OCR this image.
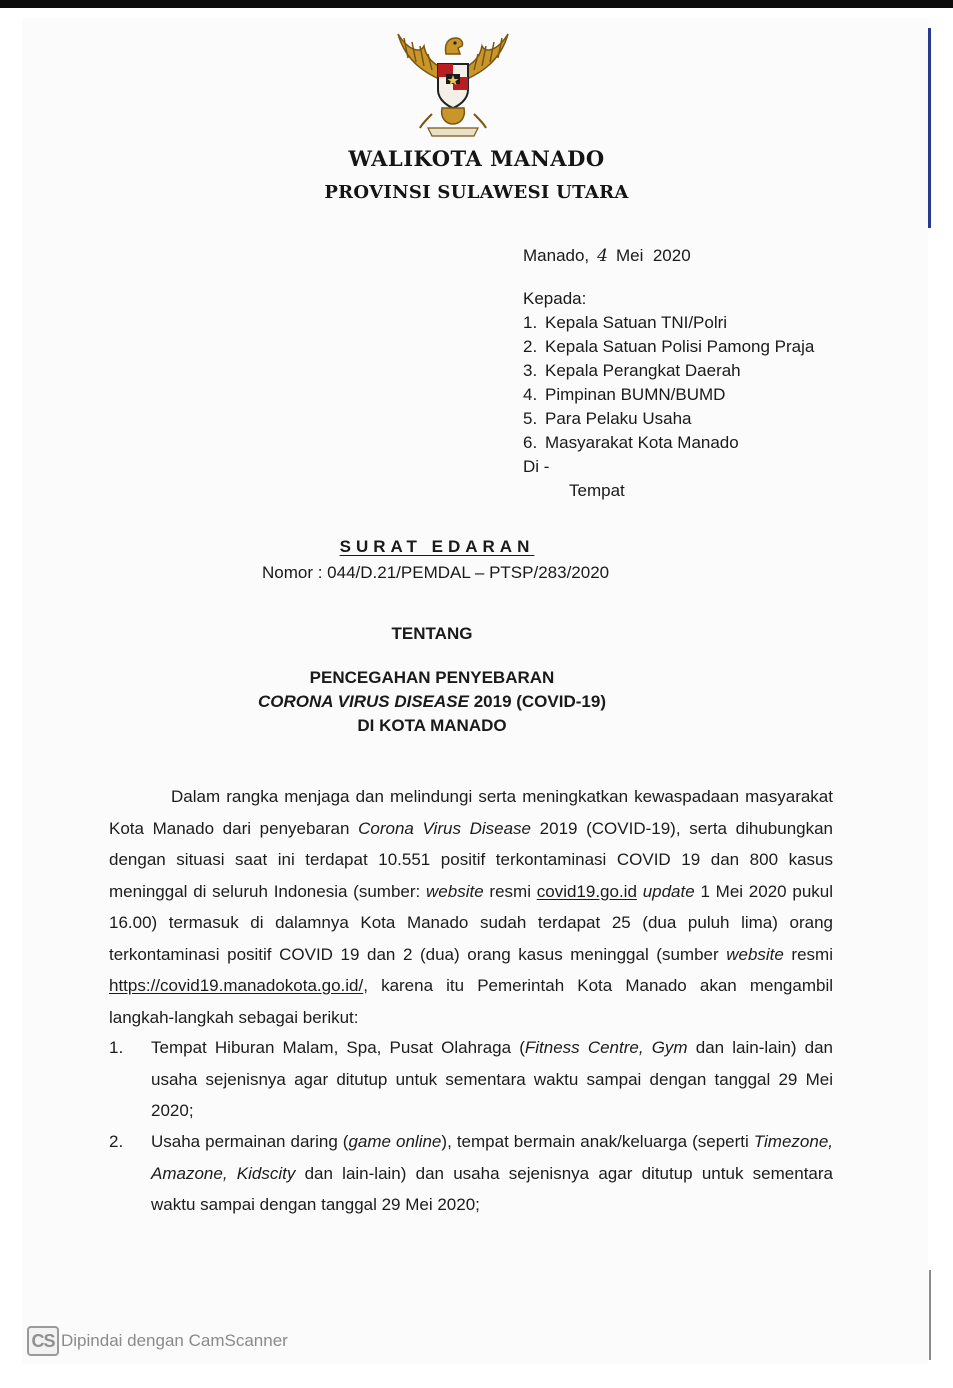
WALIKOTA MANADO
PROVINSI SULAWESI UTARA
Manado, 4 Mei  2020
Kepada:
1. Kepala Satuan TNI/Polri
2. Kepala Satuan Polisi Pamong Praja
3. Kepala Perangkat Daerah
4. Pimpinan BUMN/BUMD
5. Para Pelaku Usaha
6. Masyarakat Kota Manado
Di -
Tempat
SURAT EDARAN
Nomor : 044/D.21/PEMDAL – PTSP/283/2020
TENTANG
PENCEGAHAN PENYEBARAN
CORONA VIRUS DISEASE 2019 (COVID-19)
DI KOTA MANADO
Dalam rangka menjaga dan melindungi serta meningkatkan kewaspadaan masyarakat Kota Manado dari penyebaran Corona Virus Disease 2019 (COVID-19), serta dihubungkan dengan situasi saat ini terdapat 10.551 positif terkontaminasi COVID 19 dan 800 kasus meninggal di seluruh Indonesia (sumber: website resmi covid19.go.id update 1 Mei 2020 pukul 16.00) termasuk di dalamnya Kota Manado sudah terdapat 25 (dua puluh lima) orang terkontaminasi positif COVID 19 dan 2 (dua) orang kasus meninggal (sumber website resmi https://covid19.manadokota.go.id/, karena itu Pemerintah Kota Manado akan mengambil langkah-langkah sebagai berikut:
1. Tempat Hiburan Malam, Spa, Pusat Olahraga (Fitness Centre, Gym dan lain-lain) dan usaha sejenisnya agar ditutup untuk sementara waktu sampai dengan tanggal 29 Mei 2020;
2. Usaha permainan daring (game online), tempat bermain anak/keluarga (seperti Timezone, Amazone, Kidscity dan lain-lain) dan usaha sejenisnya agar ditutup untuk sementara waktu sampai dengan tanggal 29 Mei 2020;
CS Dipindai dengan CamScanner
